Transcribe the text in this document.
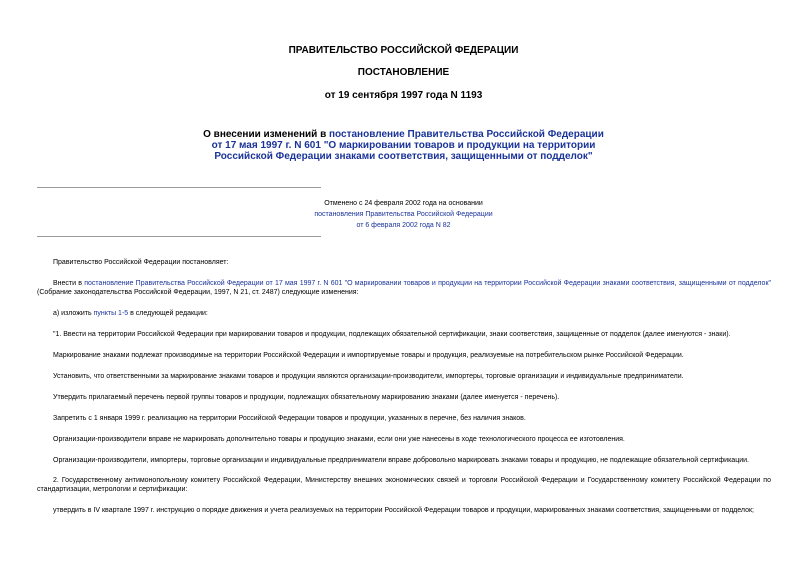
ПРАВИТЕЛЬСТВО РОССИЙСКОЙ ФЕДЕРАЦИИ
ПОСТАНОВЛЕНИЕ
от 19 сентября 1997 года N 1193
О внесении изменений в постановление Правительства Российской Федерации от 17 мая 1997 г. N 601 "О маркировании товаров и продукции на территории Российской Федерации знаками соответствия, защищенными от подделок"
Отменено с 24 февраля 2002 года на основании
постановления Правительства Российской Федерации
от 6 февраля 2002 года N 82
Правительство Российской Федерации постановляет:
Внести в постановление Правительства Российской Федерации от 17 мая 1997 г. N 601 "О маркировании товаров и продукции на территории Российской Федерации знаками соответствия, защищенными от подделок" (Собрание законодательства Российской Федерации, 1997, N 21, ст. 2487) следующие изменения:
а) изложить пункты 1-5 в следующей редакции:
"1. Ввести на территории Российской Федерации при маркировании товаров и продукции, подлежащих обязательной сертификации, знаки соответствия, защищенные от подделок (далее именуются - знаки).
Маркирование знаками подлежат производимые на территории Российской Федерации и импортируемые товары и продукция, реализуемые на потребительском рынке Российской Федерации.
Установить, что ответственными за маркирование знаками товаров и продукции являются организации-производители, импортеры, торговые организации и индивидуальные предприниматели.
Утвердить прилагаемый перечень первой группы товаров и продукции, подлежащих обязательному маркированию знаками (далее именуется - перечень).
Запретить с 1 января 1999 г. реализацию на территории Российской Федерации товаров и продукции, указанных в перечне, без наличия знаков.
Организации-производители вправе не маркировать дополнительно товары и продукцию знаками, если они уже нанесены в ходе технологического процесса ее изготовления.
Организации-производители, импортеры, торговые организации и индивидуальные предприниматели вправе добровольно маркировать знаками товары и продукцию, не подлежащие обязательной сертификации.
2. Государственному антимонопольному комитету Российской Федерации, Министерству внешних экономических связей и торговли Российской Федерации и Государственному комитету Российской Федерации по стандартизации, метрологии и сертификации:
утвердить в IV квартале 1997 г. инструкцию о порядке движения и учета реализуемых на территории Российской Федерации товаров и продукции, маркированных знаками соответствия, защищенными от подделок;
